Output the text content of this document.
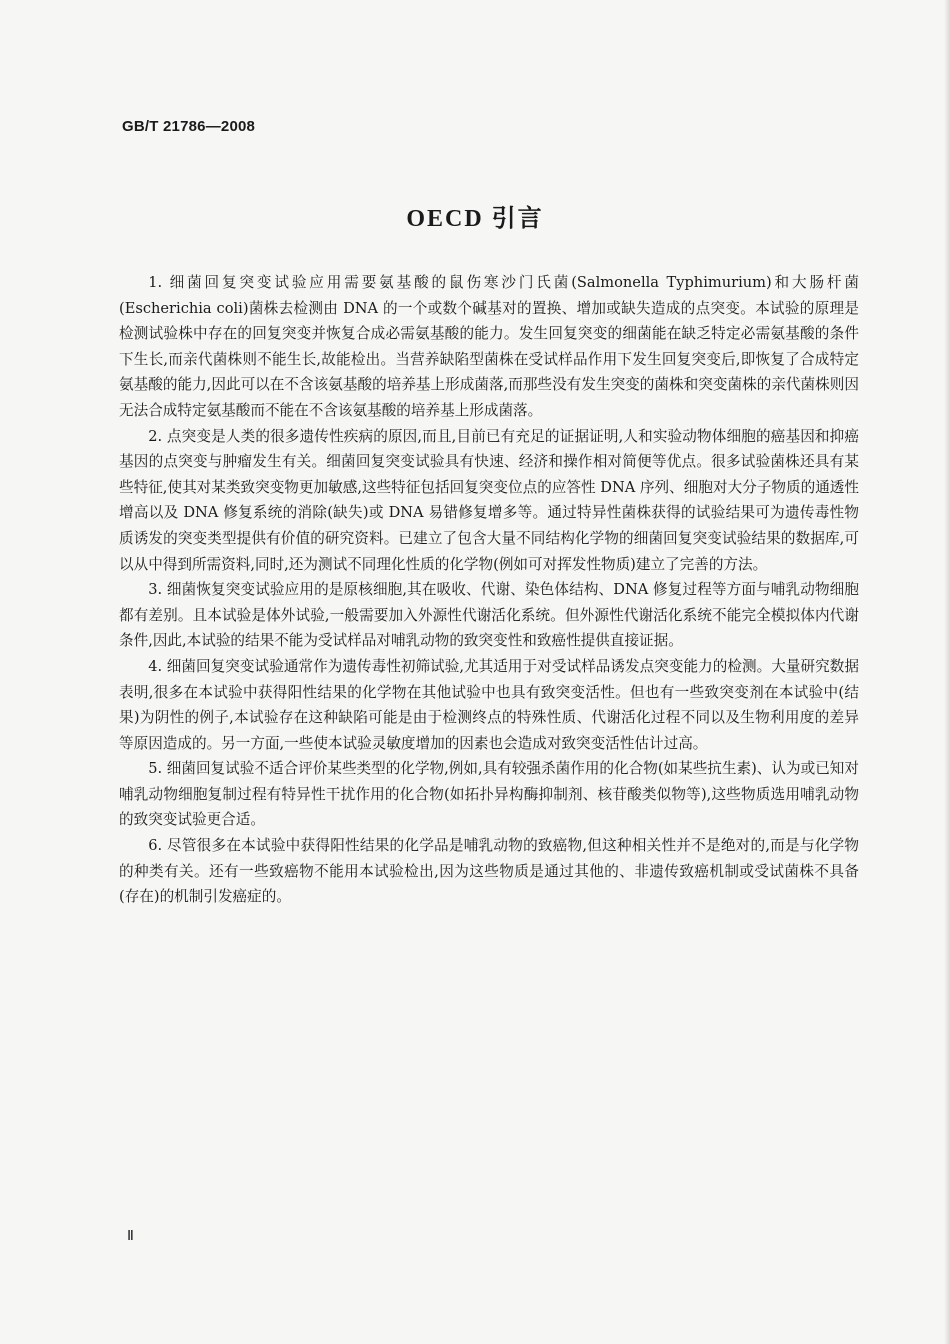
GB/T 21786—2008
OECD 引言

1. 细菌回复突变试验应用需要氨基酸的鼠伤寒沙门氏菌(Salmonella Typhimurium)和大肠杆菌(Escherichia coli)菌株去检测由 DNA 的一个或数个碱基对的置换、增加或缺失造成的点突变。本试验的原理是检测试验株中存在的回复突变并恢复合成必需氨基酸的能力。发生回复突变的细菌能在缺乏特定必需氨基酸的条件下生长,而亲代菌株则不能生长,故能检出。当营养缺陷型菌株在受试样品作用下发生回复突变后,即恢复了合成特定氨基酸的能力,因此可以在不含该氨基酸的培养基上形成菌落,而那些没有发生突变的菌株和突变菌株的亲代菌株则因无法合成特定氨基酸而不能在不含该氨基酸的培养基上形成菌落。

2. 点突变是人类的很多遗传性疾病的原因,而且,目前已有充足的证据证明,人和实验动物体细胞的癌基因和抑癌基因的点突变与肿瘤发生有关。细菌回复突变试验具有快速、经济和操作相对简便等优点。很多试验菌株还具有某些特征,使其对某类致突变物更加敏感,这些特征包括回复突变位点的应答性 DNA 序列、细胞对大分子物质的通透性增高以及 DNA 修复系统的消除(缺失)或 DNA 易错修复增多等。通过特异性菌株获得的试验结果可为遗传毒性物质诱发的突变类型提供有价值的研究资料。已建立了包含大量不同结构化学物的细菌回复突变试验结果的数据库,可以从中得到所需资料,同时,还为测试不同理化性质的化学物(例如可对挥发性物质)建立了完善的方法。

3. 细菌恢复突变试验应用的是原核细胞,其在吸收、代谢、染色体结构、DNA 修复过程等方面与哺乳动物细胞都有差别。且本试验是体外试验,一般需要加入外源性代谢活化系统。但外源性代谢活化系统不能完全模拟体内代谢条件,因此,本试验的结果不能为受试样品对哺乳动物的致突变性和致癌性提供直接证据。

4. 细菌回复突变试验通常作为遗传毒性初筛试验,尤其适用于对受试样品诱发点突变能力的检测。大量研究数据表明,很多在本试验中获得阳性结果的化学物在其他试验中也具有致突变活性。但也有一些致突变剂在本试验中(结果)为阴性的例子,本试验存在这种缺陷可能是由于检测终点的特殊性质、代谢活化过程不同以及生物利用度的差异等原因造成的。另一方面,一些使本试验灵敏度增加的因素也会造成对致突变活性估计过高。

5. 细菌回复试验不适合评价某些类型的化学物,例如,具有较强杀菌作用的化合物(如某些抗生素)、认为或已知对哺乳动物细胞复制过程有特异性干扰作用的化合物(如拓扑异构酶抑制剂、核苷酸类似物等),这些物质选用哺乳动物的致突变试验更合适。

6. 尽管很多在本试验中获得阳性结果的化学品是哺乳动物的致癌物,但这种相关性并不是绝对的,而是与化学物的种类有关。还有一些致癌物不能用本试验检出,因为这些物质是通过其他的、非遗传致癌机制或受试菌株不具备(存在)的机制引发癌症的。

Ⅱ
